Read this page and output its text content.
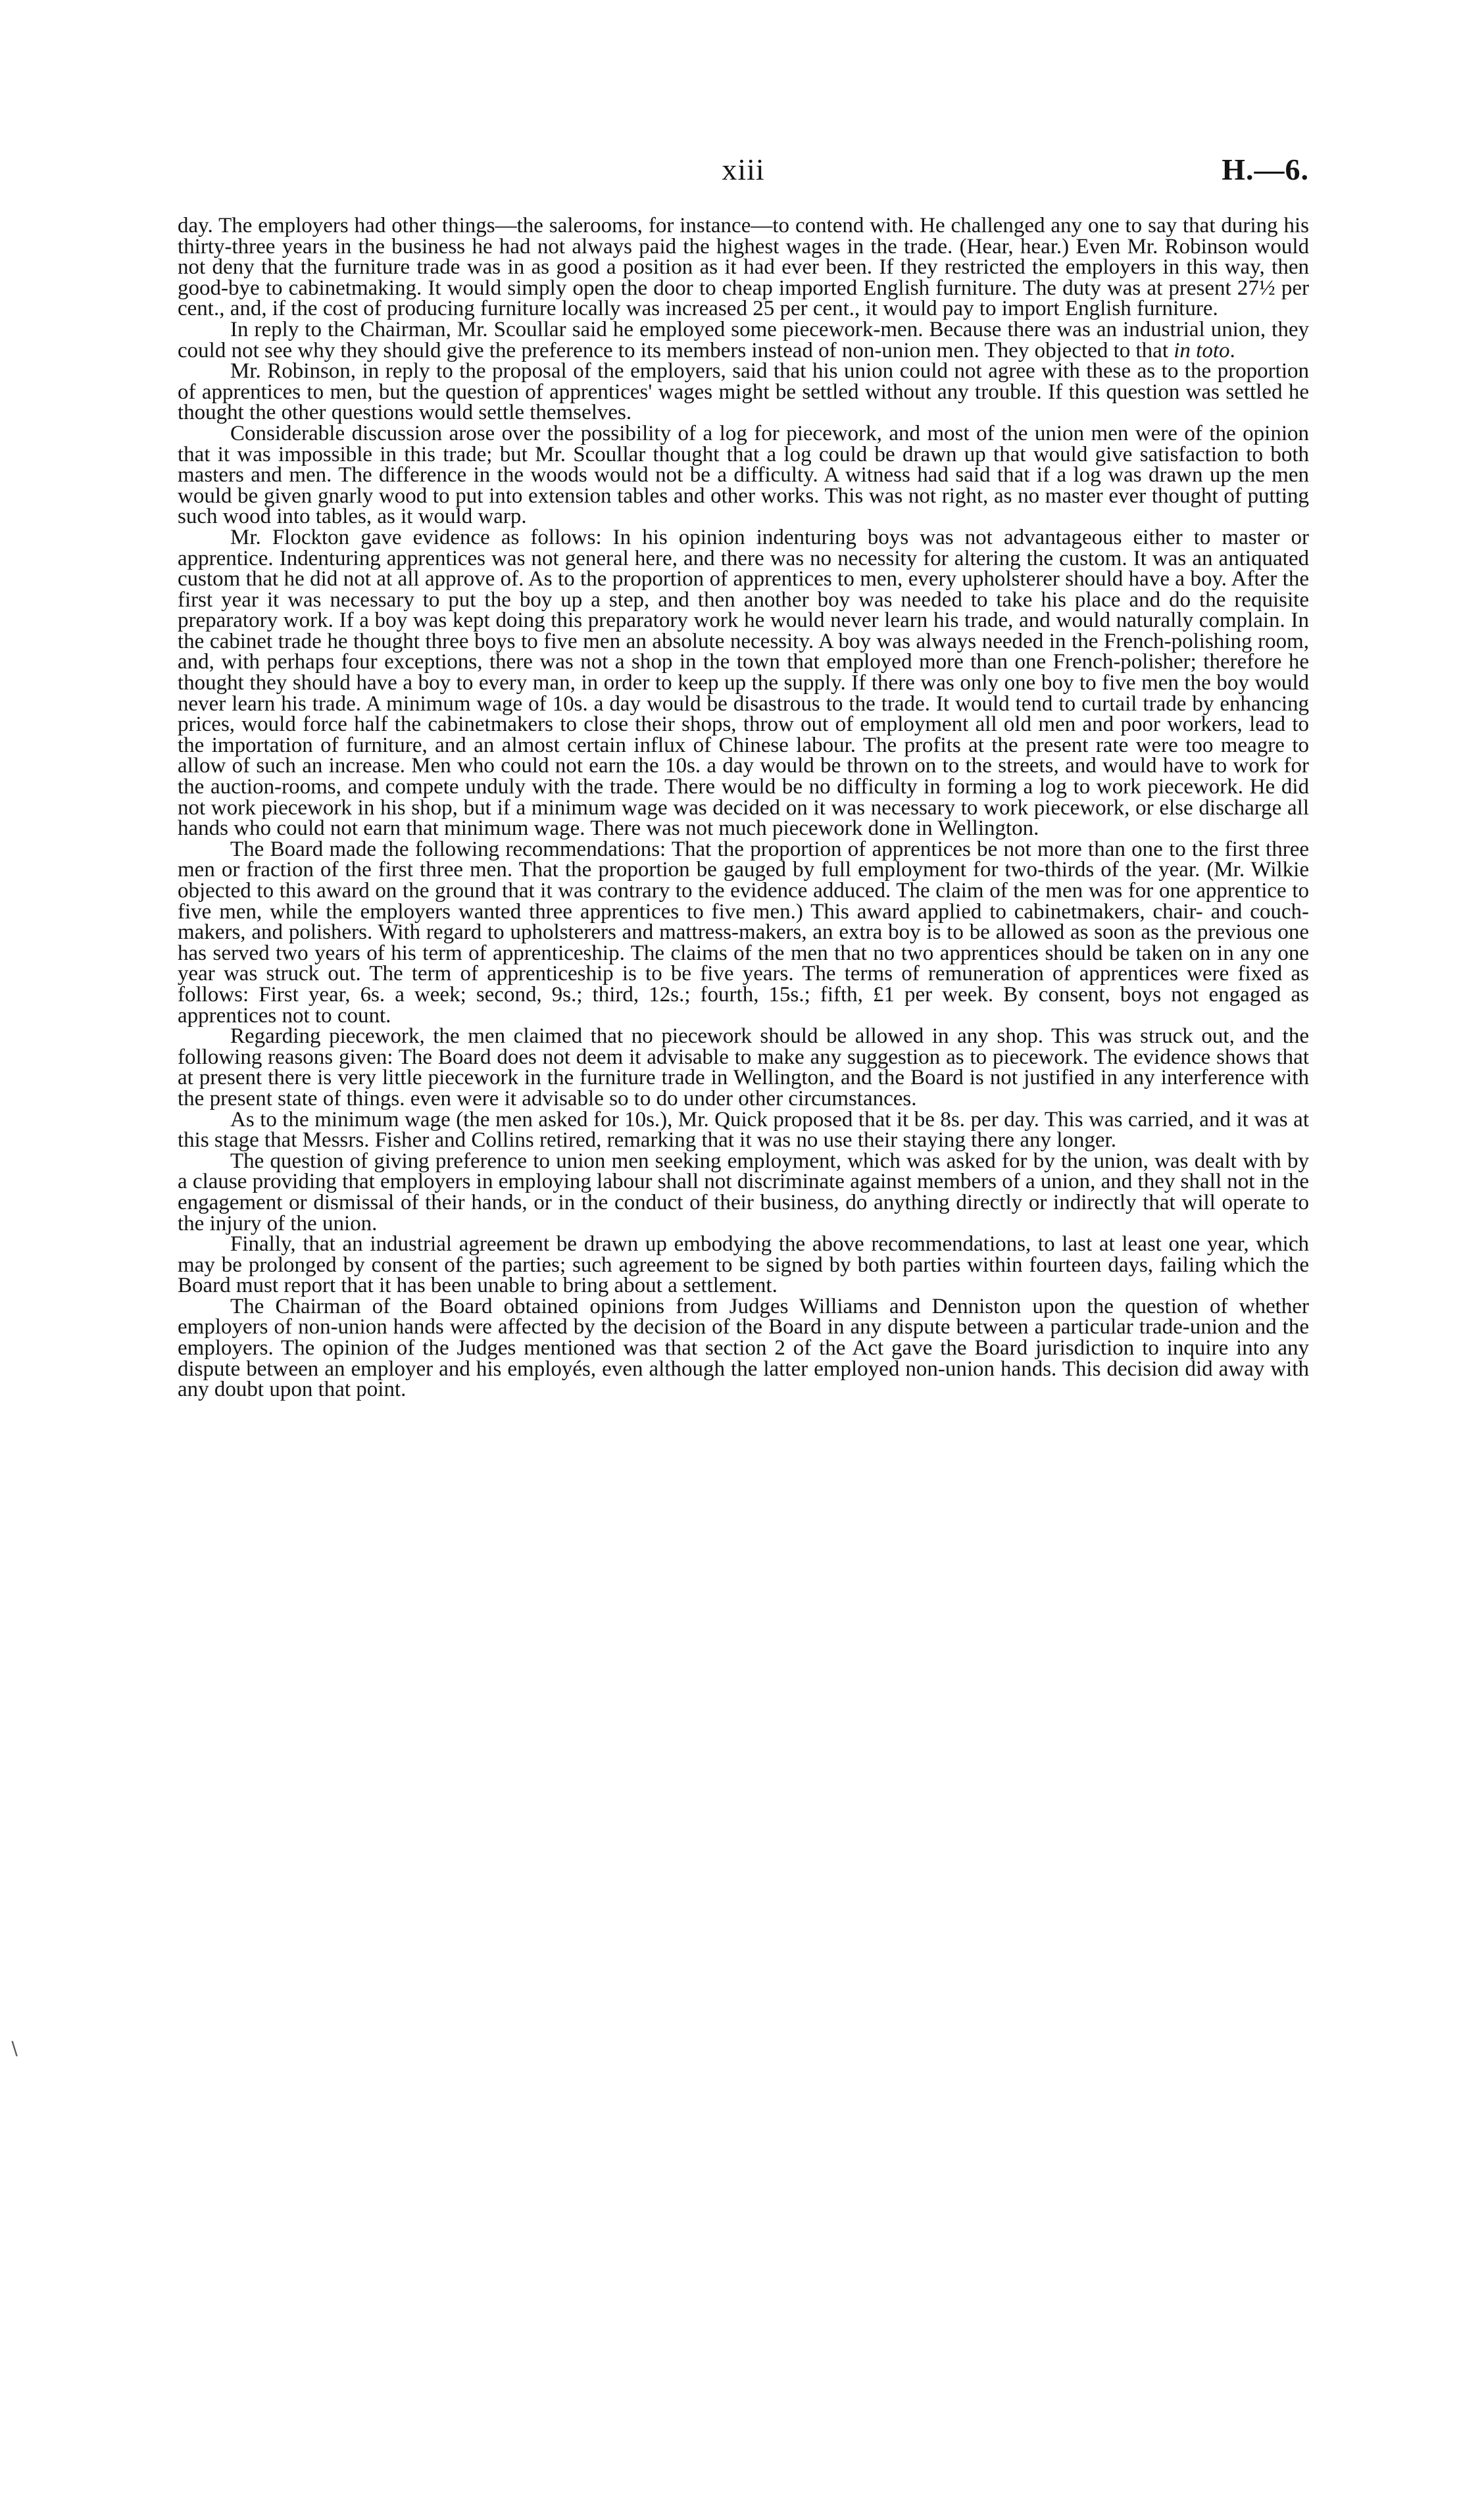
xiii	H.—6.

day. The employers had other things—the salerooms, for instance—to contend with. He challenged any one to say that during his thirty-three years in the business he had not always paid the highest wages in the trade. (Hear, hear.) Even Mr. Robinson would not deny that the furniture trade was in as good a position as it had ever been. If they restricted the employers in this way, then good-bye to cabinetmaking. It would simply open the door to cheap imported English furniture. The duty was at present 27½ per cent., and, if the cost of producing furniture locally was increased 25 per cent., it would pay to import English furniture.

In reply to the Chairman, Mr. Scoullar said he employed some piecework-men. Because there was an industrial union, they could not see why they should give the preference to its members instead of non-union men. They objected to that in toto.

Mr. Robinson, in reply to the proposal of the employers, said that his union could not agree with these as to the proportion of apprentices to men, but the question of apprentices' wages might be settled without any trouble. If this question was settled he thought the other questions would settle themselves.

Considerable discussion arose over the possibility of a log for piecework, and most of the union men were of the opinion that it was impossible in this trade; but Mr. Scoullar thought that a log could be drawn up that would give satisfaction to both masters and men. The difference in the woods would not be a difficulty. A witness had said that if a log was drawn up the men would be given gnarly wood to put into extension tables and other works. This was not right, as no master ever thought of putting such wood into tables, as it would warp.

Mr. Flockton gave evidence as follows: In his opinion indenturing boys was not advantageous either to master or apprentice. Indenturing apprentices was not general here, and there was no necessity for altering the custom. It was an antiquated custom that he did not at all approve of. As to the proportion of apprentices to men, every upholsterer should have a boy. After the first year it was necessary to put the boy up a step, and then another boy was needed to take his place and do the requisite preparatory work. If a boy was kept doing this preparatory work he would never learn his trade, and would naturally complain. In the cabinet trade he thought three boys to five men an absolute necessity. A boy was always needed in the French-polishing room, and, with perhaps four exceptions, there was not a shop in the town that employed more than one French-polisher; therefore he thought they should have a boy to every man, in order to keep up the supply. If there was only one boy to five men the boy would never learn his trade. A minimum wage of 10s. a day would be disastrous to the trade. It would tend to curtail trade by enhancing prices, would force half the cabinetmakers to close their shops, throw out of employment all old men and poor workers, lead to the importation of furniture, and an almost certain influx of Chinese labour. The profits at the present rate were too meagre to allow of such an increase. Men who could not earn the 10s. a day would be thrown on to the streets, and would have to work for the auction-rooms, and compete unduly with the trade. There would be no difficulty in forming a log to work piecework. He did not work piecework in his shop, but if a minimum wage was decided on it was necessary to work piecework, or else discharge all hands who could not earn that minimum wage. There was not much piecework done in Wellington.

The Board made the following recommendations: That the proportion of apprentices be not more than one to the first three men or fraction of the first three men. That the proportion be gauged by full employment for two-thirds of the year. (Mr. Wilkie objected to this award on the ground that it was contrary to the evidence adduced. The claim of the men was for one apprentice to five men, while the employers wanted three apprentices to five men.) This award applied to cabinetmakers, chair- and couch-makers, and polishers. With regard to upholsterers and mattress-makers, an extra boy is to be allowed as soon as the previous one has served two years of his term of apprenticeship. The claims of the men that no two apprentices should be taken on in any one year was struck out. The term of apprenticeship is to be five years. The terms of remuneration of apprentices were fixed as follows: First year, 6s. a week; second, 9s.; third, 12s.; fourth, 15s.; fifth, £1 per week. By consent, boys not engaged as apprentices not to count.

Regarding piecework, the men claimed that no piecework should be allowed in any shop. This was struck out, and the following reasons given: The Board does not deem it advisable to make any suggestion as to piecework. The evidence shows that at present there is very little piecework in the furniture trade in Wellington, and the Board is not justified in any interference with the present state of things. even were it advisable so to do under other circumstances.

As to the minimum wage (the men asked for 10s.), Mr. Quick proposed that it be 8s. per day. This was carried, and it was at this stage that Messrs. Fisher and Collins retired, remarking that it was no use their staying there any longer.

The question of giving preference to union men seeking employment, which was asked for by the union, was dealt with by a clause providing that employers in employing labour shall not discriminate against members of a union, and they shall not in the engagement or dismissal of their hands, or in the conduct of their business, do anything directly or indirectly that will operate to the injury of the union.

Finally, that an industrial agreement be drawn up embodying the above recommendations, to last at least one year, which may be prolonged by consent of the parties; such agreement to be signed by both parties within fourteen days, failing which the Board must report that it has been unable to bring about a settlement.

The Chairman of the Board obtained opinions from Judges Williams and Denniston upon the question of whether employers of non-union hands were affected by the decision of the Board in any dispute between a particular trade-union and the employers. The opinion of the Judges mentioned was that section 2 of the Act gave the Board jurisdiction to inquire into any dispute between an employer and his employés, even although the latter employed non-union hands. This decision did away with any doubt upon that point.

∖
